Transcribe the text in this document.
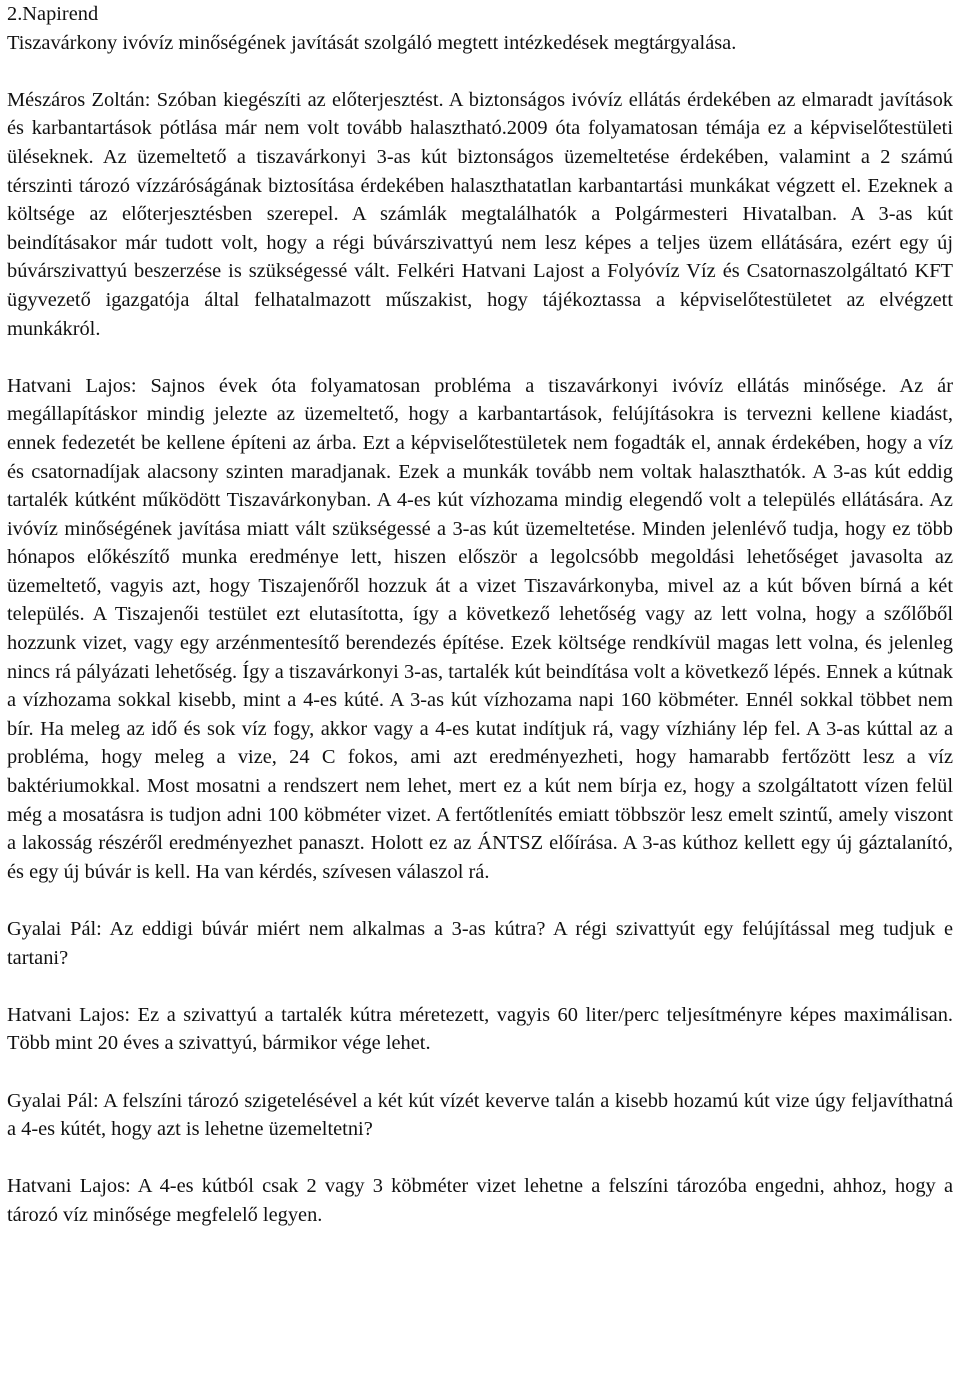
2.Napirend

Tiszavárkony ivóvíz minőségének javítását szolgáló megtett intézkedések megtárgyalása.

Mészáros Zoltán: Szóban kiegészíti az előterjesztést. A biztonságos ivóvíz ellátás érdekében az elmaradt javítások és karbantartások pótlása már nem volt tovább halasztható.2009 óta folyamatosan témája ez a képviselőtestületi üléseknek. Az üzemeltető a tiszavárkonyi 3-as kút biztonságos üzemeltetése érdekében, valamint a 2 számú térszinti tározó vízzáróságának biztosítása érdekében halaszthatatlan karbantartási munkákat végzett el. Ezeknek a költsége az előterjesztésben szerepel. A számlák megtalálhatók a Polgármesteri Hivatalban. A 3-as kút beindításakor már tudott volt, hogy a régi búvárszivattyú nem lesz képes a teljes üzem ellátására, ezért egy új búvárszivattyú beszerzése is szükségessé vált. Felkéri Hatvani Lajost a Folyóvíz Víz és Csatornaszolgáltató KFT ügyvezető igazgatója által felhatalmazott műszakist, hogy tájékoztassa a képviselőtestületet az elvégzett munkákról.

Hatvani Lajos: Sajnos évek óta folyamatosan probléma a tiszavárkonyi ivóvíz ellátás minősége. Az ár megállapításkor mindig jelezte az üzemeltető, hogy a karbantartások, felújításokra is tervezni kellene kiadást, ennek fedezetét be kellene építeni az árba. Ezt a képviselőtestületek nem fogadták el, annak érdekében, hogy a víz és csatornadíjak alacsony szinten maradjanak. Ezek a munkák tovább nem voltak halaszthatók. A 3-as kút eddig tartalék kútként működött Tiszavárkonyban. A 4-es kút vízhozama mindig elegendő volt a település ellátására. Az ivóvíz minőségének javítása miatt vált szükségessé a 3-as kút üzemeltetése. Minden jelenlévő tudja, hogy ez több hónapos előkészítő munka eredménye lett, hiszen először a legolcsóbb megoldási lehetőséget javasolta az üzemeltető, vagyis azt, hogy Tiszajenőről hozzuk át a vizet Tiszavárkonyba, mivel az a kút bőven bírná a két település. A Tiszajenői testület ezt elutasította, így a következő lehetőség vagy az lett volna, hogy a szőlőből hozzunk vizet, vagy egy arzénmentesítő berendezés építése. Ezek költsége rendkívül magas lett volna, és jelenleg nincs rá pályázati lehetőség. Így a tiszavárkonyi 3-as, tartalék kút beindítása volt a következő lépés. Ennek a kútnak a vízhozama sokkal kisebb, mint a 4-es kúté. A 3-as kút vízhozama napi 160 köbméter. Ennél sokkal többet nem bír. Ha meleg az idő és sok víz fogy, akkor vagy a 4-es kutat indítjuk rá, vagy vízhiány lép fel. A 3-as kúttal az a probléma, hogy meleg a vize, 24 C fokos, ami azt eredményezheti, hogy hamarabb fertőzött lesz a víz baktériumokkal. Most mosatni a rendszert nem lehet, mert ez a kút nem bírja ez, hogy a szolgáltatott vízen felül még a mosatásra is tudjon adni 100 köbméter vizet. A fertőtlenítés emiatt többször lesz emelt szintű, amely viszont a lakosság részéről eredményezhet panaszt. Holott ez az ÁNTSZ előírása. A 3-as kúthoz kellett egy új gáztalanító, és egy új búvár is kell. Ha van kérdés, szívesen válaszol rá.

Gyalai Pál: Az eddigi búvár miért nem alkalmas a 3-as kútra? A régi szivattyút egy felújítással meg tudjuk e tartani?

Hatvani Lajos: Ez a szivattyú a tartalék kútra méretezett, vagyis 60 liter/perc teljesítményre képes maximálisan. Több mint 20 éves a szivattyú, bármikor vége lehet.

Gyalai Pál: A felszíni tározó szigetelésével a két kút vízét keverve talán a kisebb hozamú kút vize úgy feljavíthatná a 4-es kútét, hogy azt is lehetne üzemeltetni?

Hatvani Lajos: A 4-es kútból csak 2 vagy 3 köbméter vizet lehetne a felszíni tározóba engedni, ahhoz, hogy a tározó víz minősége megfelelő legyen.
